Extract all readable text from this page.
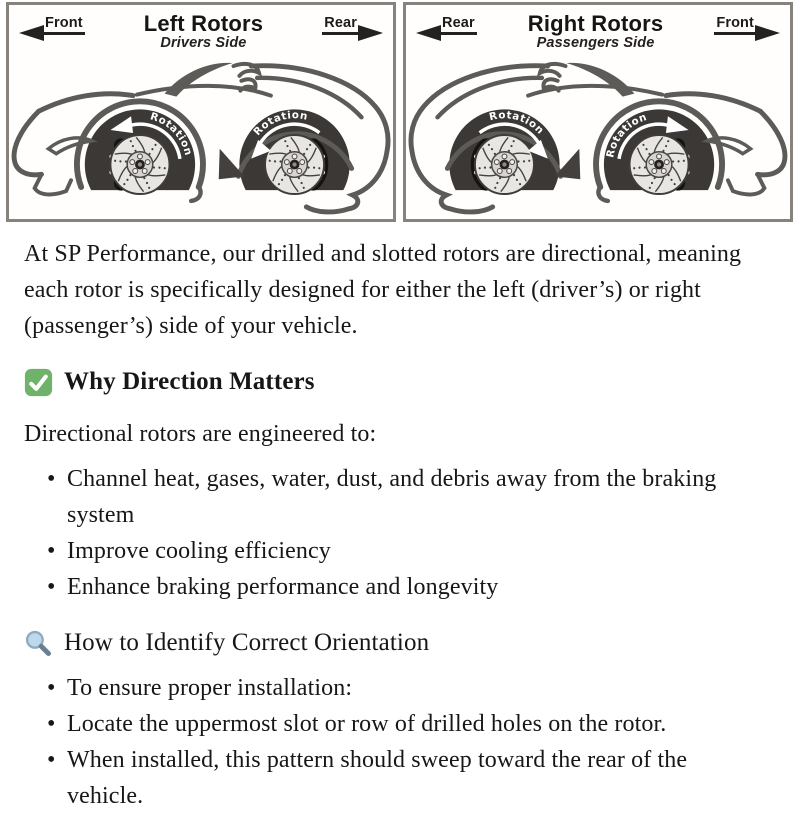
Front	Left Rotors
Drivers Side
Rear
Rotation
Rotation
Rear Right Rotors
Passengers Side
Front
Rotation
Rotation

At SP Performance, our drilled and slotted rotors are directional, meaning each rotor is specifically designed for either the left (driver’s) or right (passenger’s) side of your vehicle.

Why Direction Matters

Directional rotors are engineered to:

• Channel heat, gases, water, dust, and debris away from the braking system
• Improve cooling efficiency
• Enhance braking performance and longevity
How to Identify Correct Orientation
• To ensure proper installation:
• Locate the uppermost slot or row of drilled holes on the rotor.
• When installed, this pattern should sweep toward the rear of the vehicle.
